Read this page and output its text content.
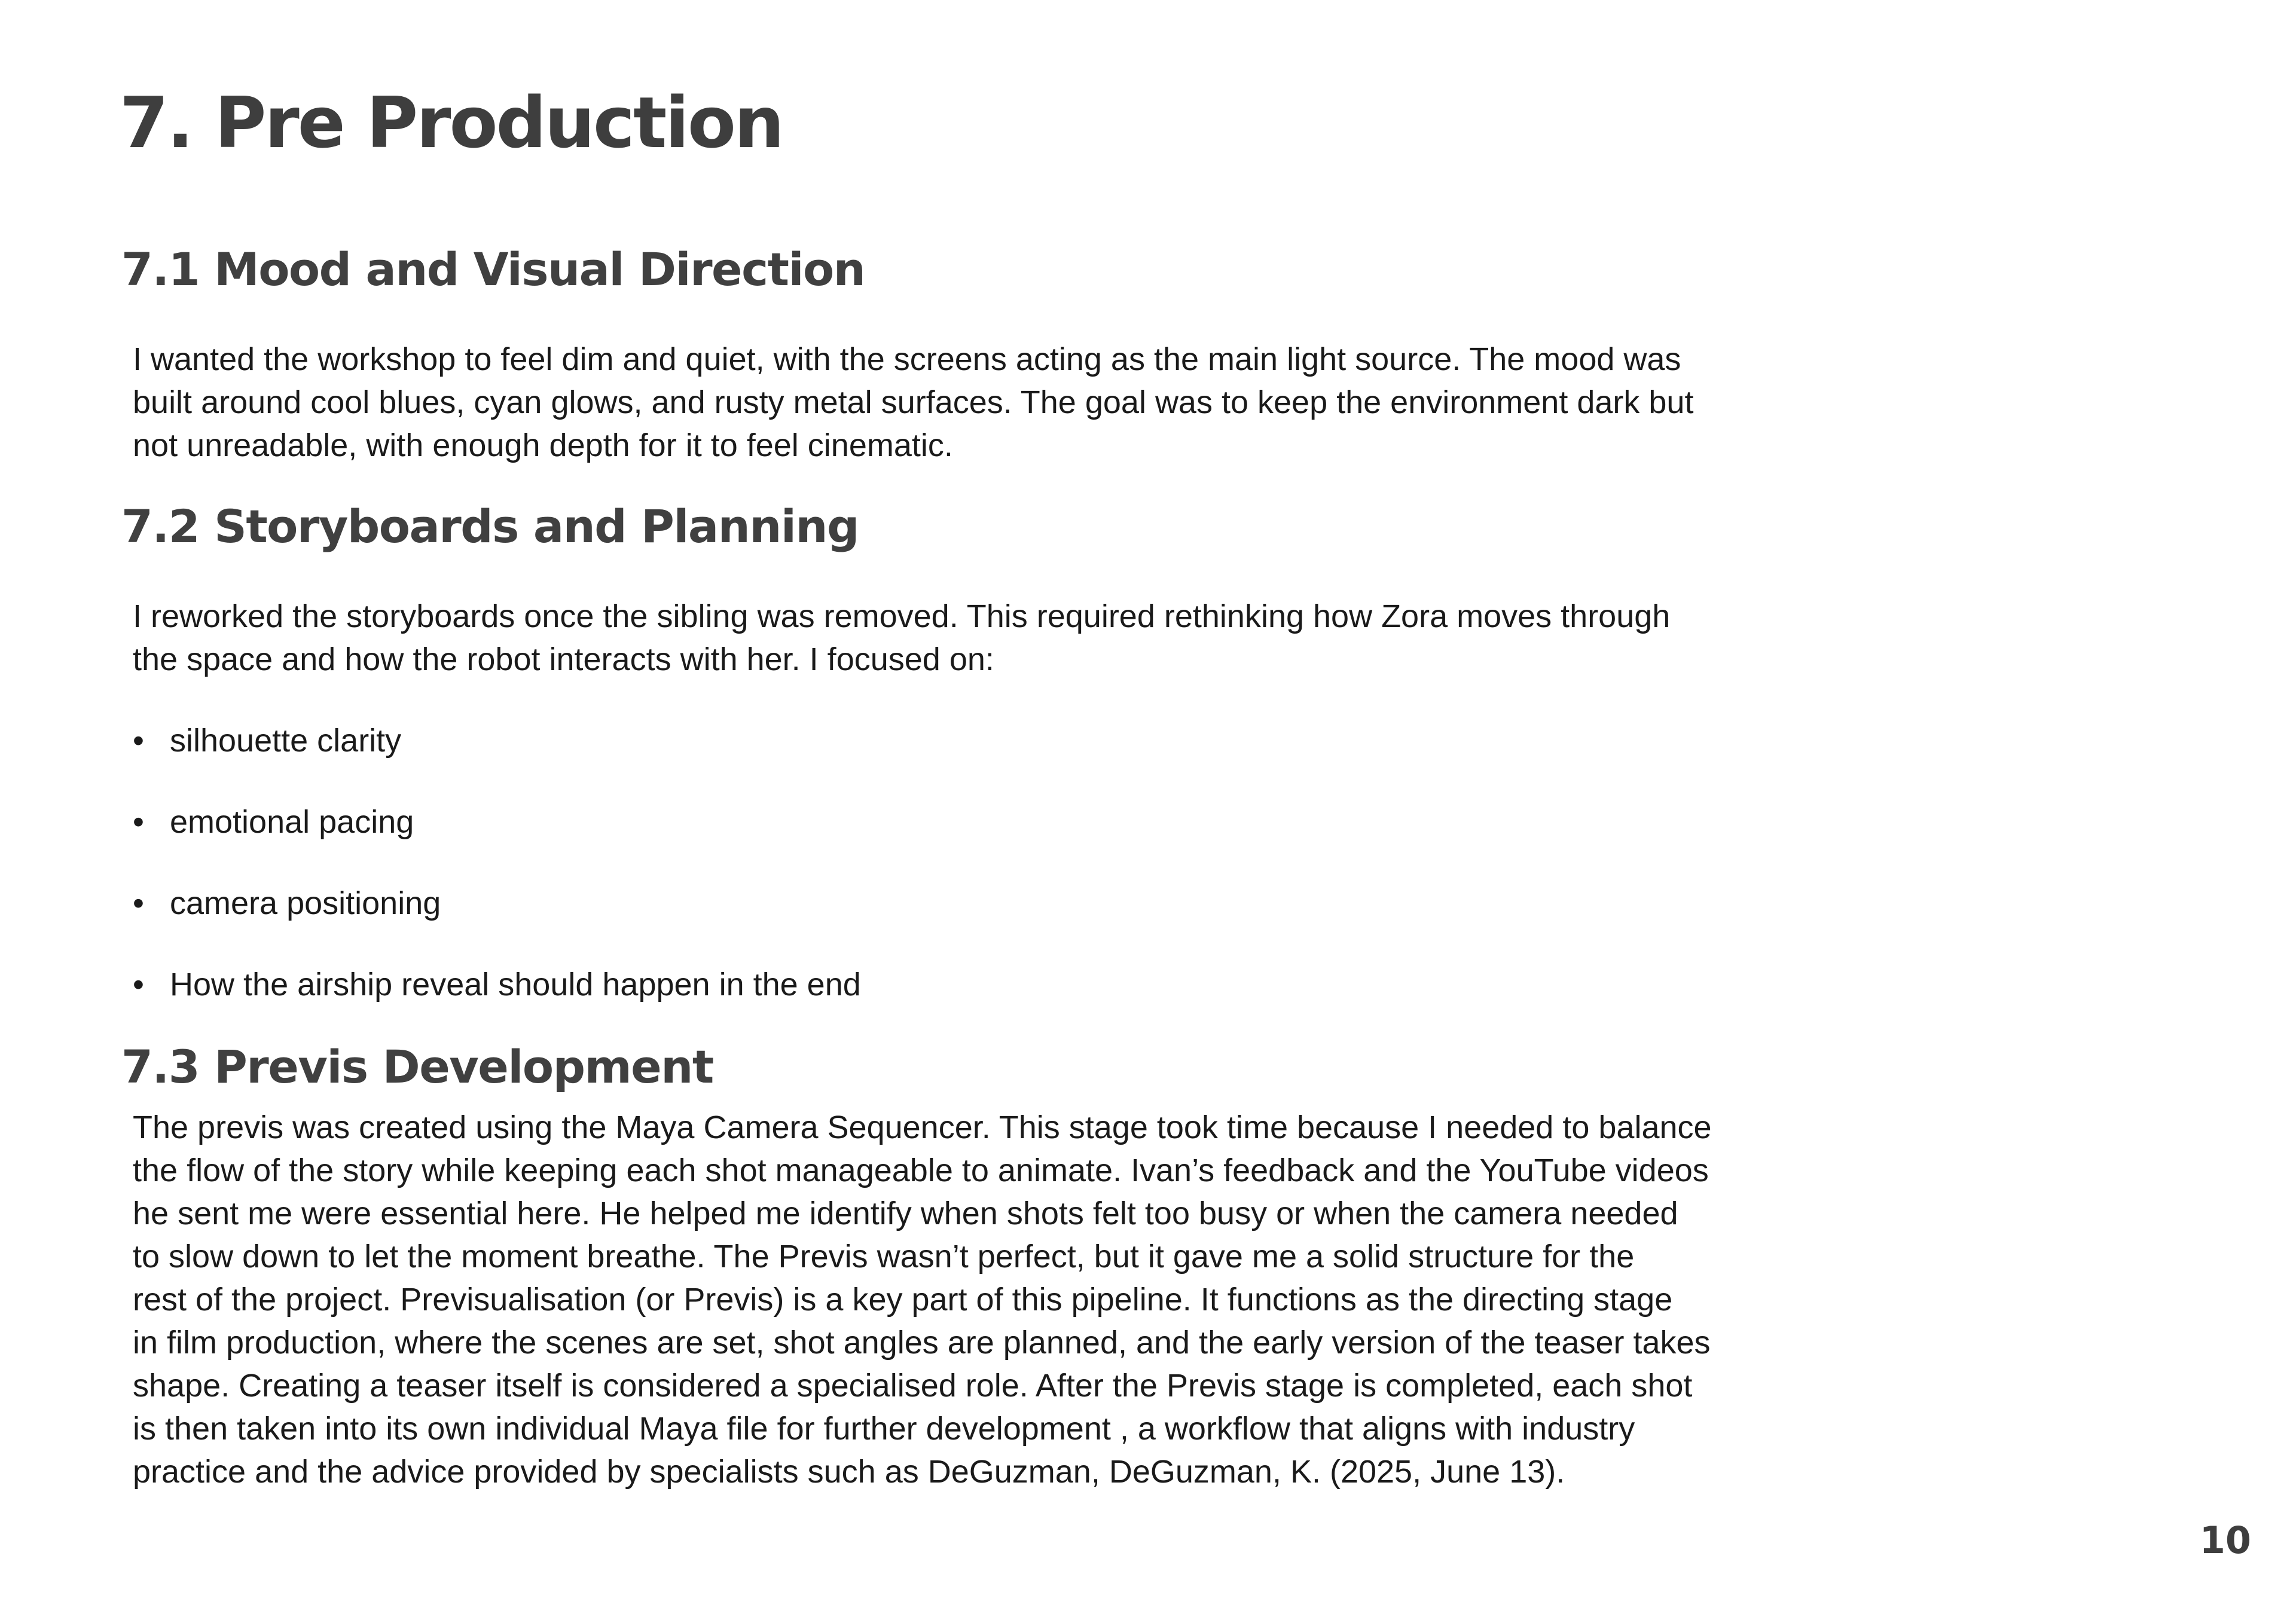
7. Pre Production
7.1 Mood and Visual Direction

I wanted the workshop to feel dim and quiet, with the screens acting as the main light source. The mood was
built around cool blues, cyan glows, and rusty metal surfaces. The goal was to keep the environment dark but
not unreadable, with enough depth for it to feel cinematic.

7.2 Storyboards and Planning

I reworked the storyboards once the sibling was removed. This required rethinking how Zora moves through
the space and how the robot interacts with her. I focused on:

• silhouette clarity

• emotional pacing

• camera positioning

• How the airship reveal should happen in the end

7.3 Previs Development

The previs was created using the Maya Camera Sequencer. This stage took time because I needed to balance
the flow of the story while keeping each shot manageable to animate. Ivan’s feedback and the YouTube videos
he sent me were essential here. He helped me identify when shots felt too busy or when the camera needed
to slow down to let the moment breathe. The Previs wasn’t perfect, but it gave me a solid structure for the
rest of the project. Previsualisation (or Previs) is a key part of this pipeline. It functions as the directing stage
in film production, where the scenes are set, shot angles are planned, and the early version of the teaser takes
shape. Creating a teaser itself is considered a specialised role. After the Previs stage is completed, each shot
is then taken into its own individual Maya file for further development , a workflow that aligns with industry
practice and the advice provided by specialists such as DeGuzman, DeGuzman, K. (2025, June 13).

10
